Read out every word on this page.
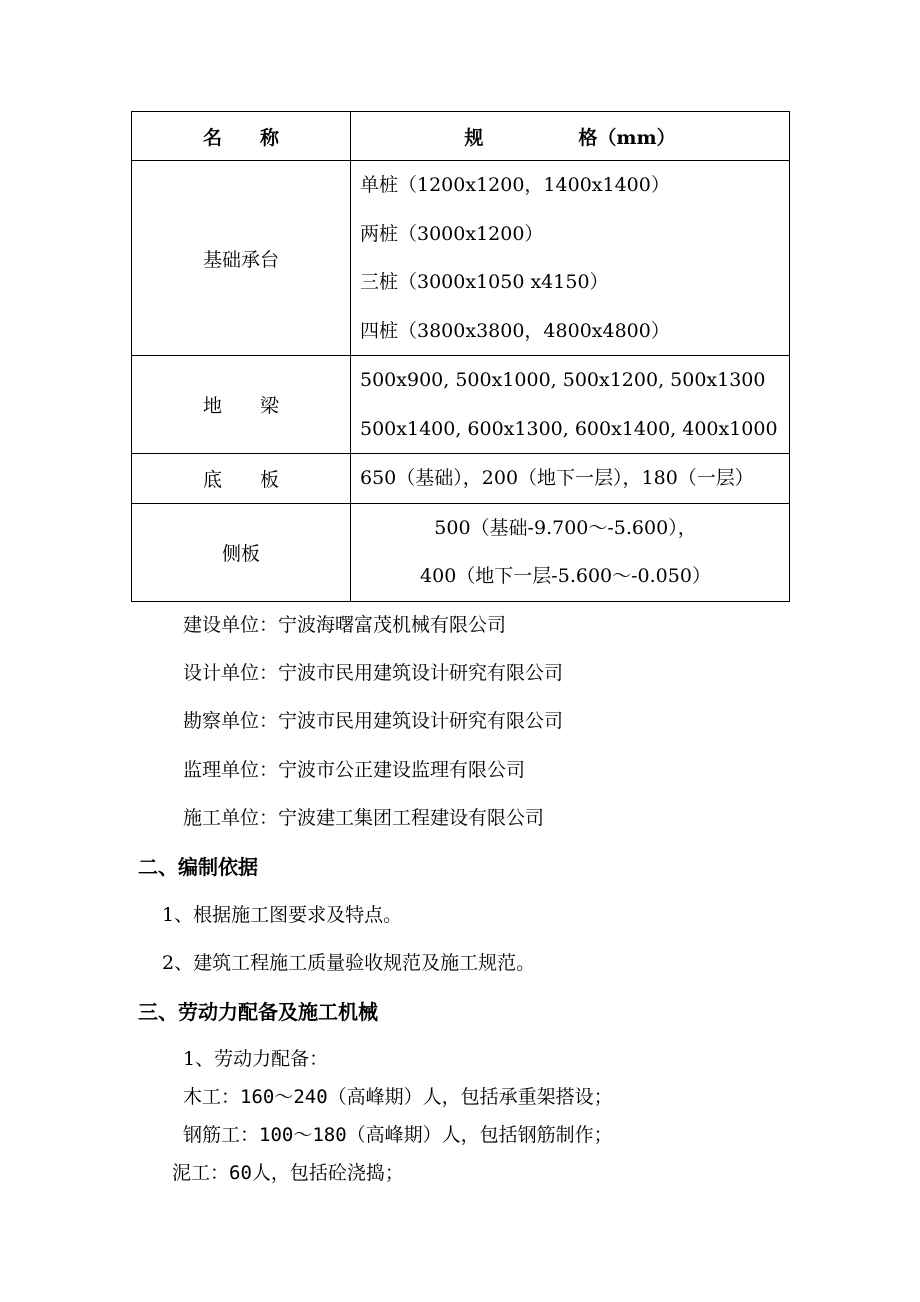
名　　称	规　　　　　格（mm）
基础承台	单桩（1200x1200，1400x1400）
两桩（3000x1200）
三桩（3000x1050 x4150）
四桩（3800x3800，4800x4800）

地　　梁	500x900, 500x1000, 500x1200, 500x1300
500x1400, 600x1300, 600x1400, 400x1000

底　　板	650（基础），200（地下一层），180（一层）

侧板	500（基础-9.700～-5.600），
400（地下一层-5.600～-0.050）
建设单位：宁波海曙富茂机械有限公司
设计单位：宁波市民用建筑设计研究有限公司
勘察单位：宁波市民用建筑设计研究有限公司
监理单位：宁波市公正建设监理有限公司
施工单位：宁波建工集团工程建设有限公司
二、编制依据
1、根据施工图要求及特点。
2、建筑工程施工质量验收规范及施工规范。
三、劳动力配备及施工机械
1、劳动力配备：
木工：160～240（高峰期）人，包括承重架搭设；
钢筋工：100～180（高峰期）人，包括钢筋制作；
泥工：60人，包括砼浇捣；
